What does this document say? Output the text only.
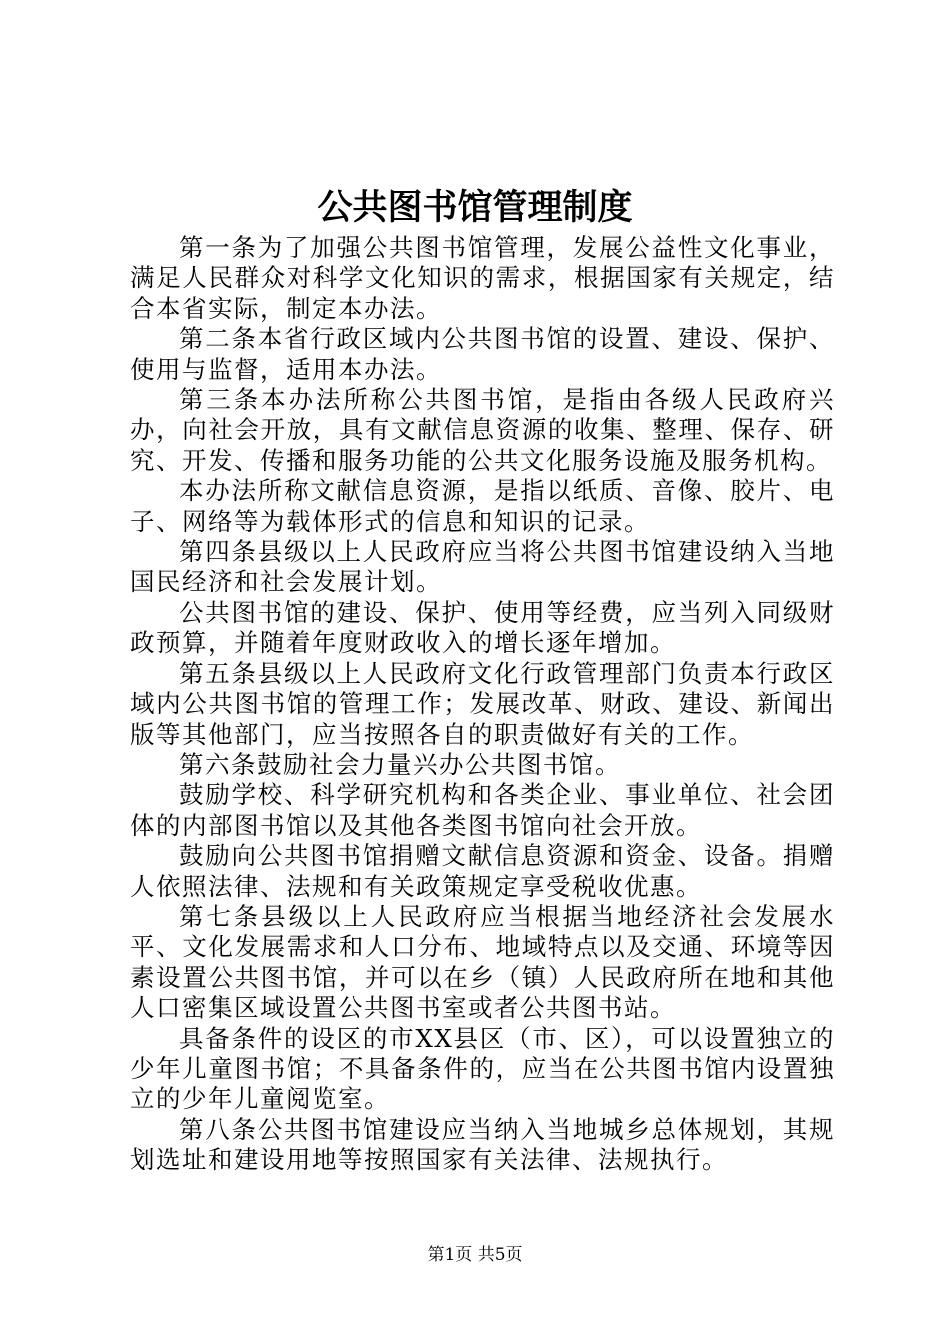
公共图书馆管理制度

第一条为了加强公共图书馆管理，发展公益性文化事业，满足人民群众对科学文化知识的需求，根据国家有关规定，结合本省实际，制定本办法。

第二条本省行政区域内公共图书馆的设置、建设、保护、使用与监督，适用本办法。

第三条本办法所称公共图书馆，是指由各级人民政府兴办，向社会开放，具有文献信息资源的收集、整理、保存、研究、开发、传播和服务功能的公共文化服务设施及服务机构。

本办法所称文献信息资源，是指以纸质、音像、胶片、电子、网络等为载体形式的信息和知识的记录。

第四条县级以上人民政府应当将公共图书馆建设纳入当地国民经济和社会发展计划。

公共图书馆的建设、保护、使用等经费，应当列入同级财政预算，并随着年度财政收入的增长逐年增加。

第五条县级以上人民政府文化行政管理部门负责本行政区域内公共图书馆的管理工作；发展改革、财政、建设、新闻出版等其他部门，应当按照各自的职责做好有关的工作。

第六条鼓励社会力量兴办公共图书馆。

鼓励学校、科学研究机构和各类企业、事业单位、社会团体的内部图书馆以及其他各类图书馆向社会开放。

鼓励向公共图书馆捐赠文献信息资源和资金、设备。捐赠人依照法律、法规和有关政策规定享受税收优惠。

第七条县级以上人民政府应当根据当地经济社会发展水平、文化发展需求和人口分布、地域特点以及交通、环境等因素设置公共图书馆，并可以在乡（镇）人民政府所在地和其他人口密集区域设置公共图书室或者公共图书站。

具备条件的设区的市XX县区（市、区），可以设置独立的少年儿童图书馆；不具备条件的，应当在公共图书馆内设置独立的少年儿童阅览室。

第八条公共图书馆建设应当纳入当地城乡总体规划，其规划选址和建设用地等按照国家有关法律、法规执行。

第1页 共5页
